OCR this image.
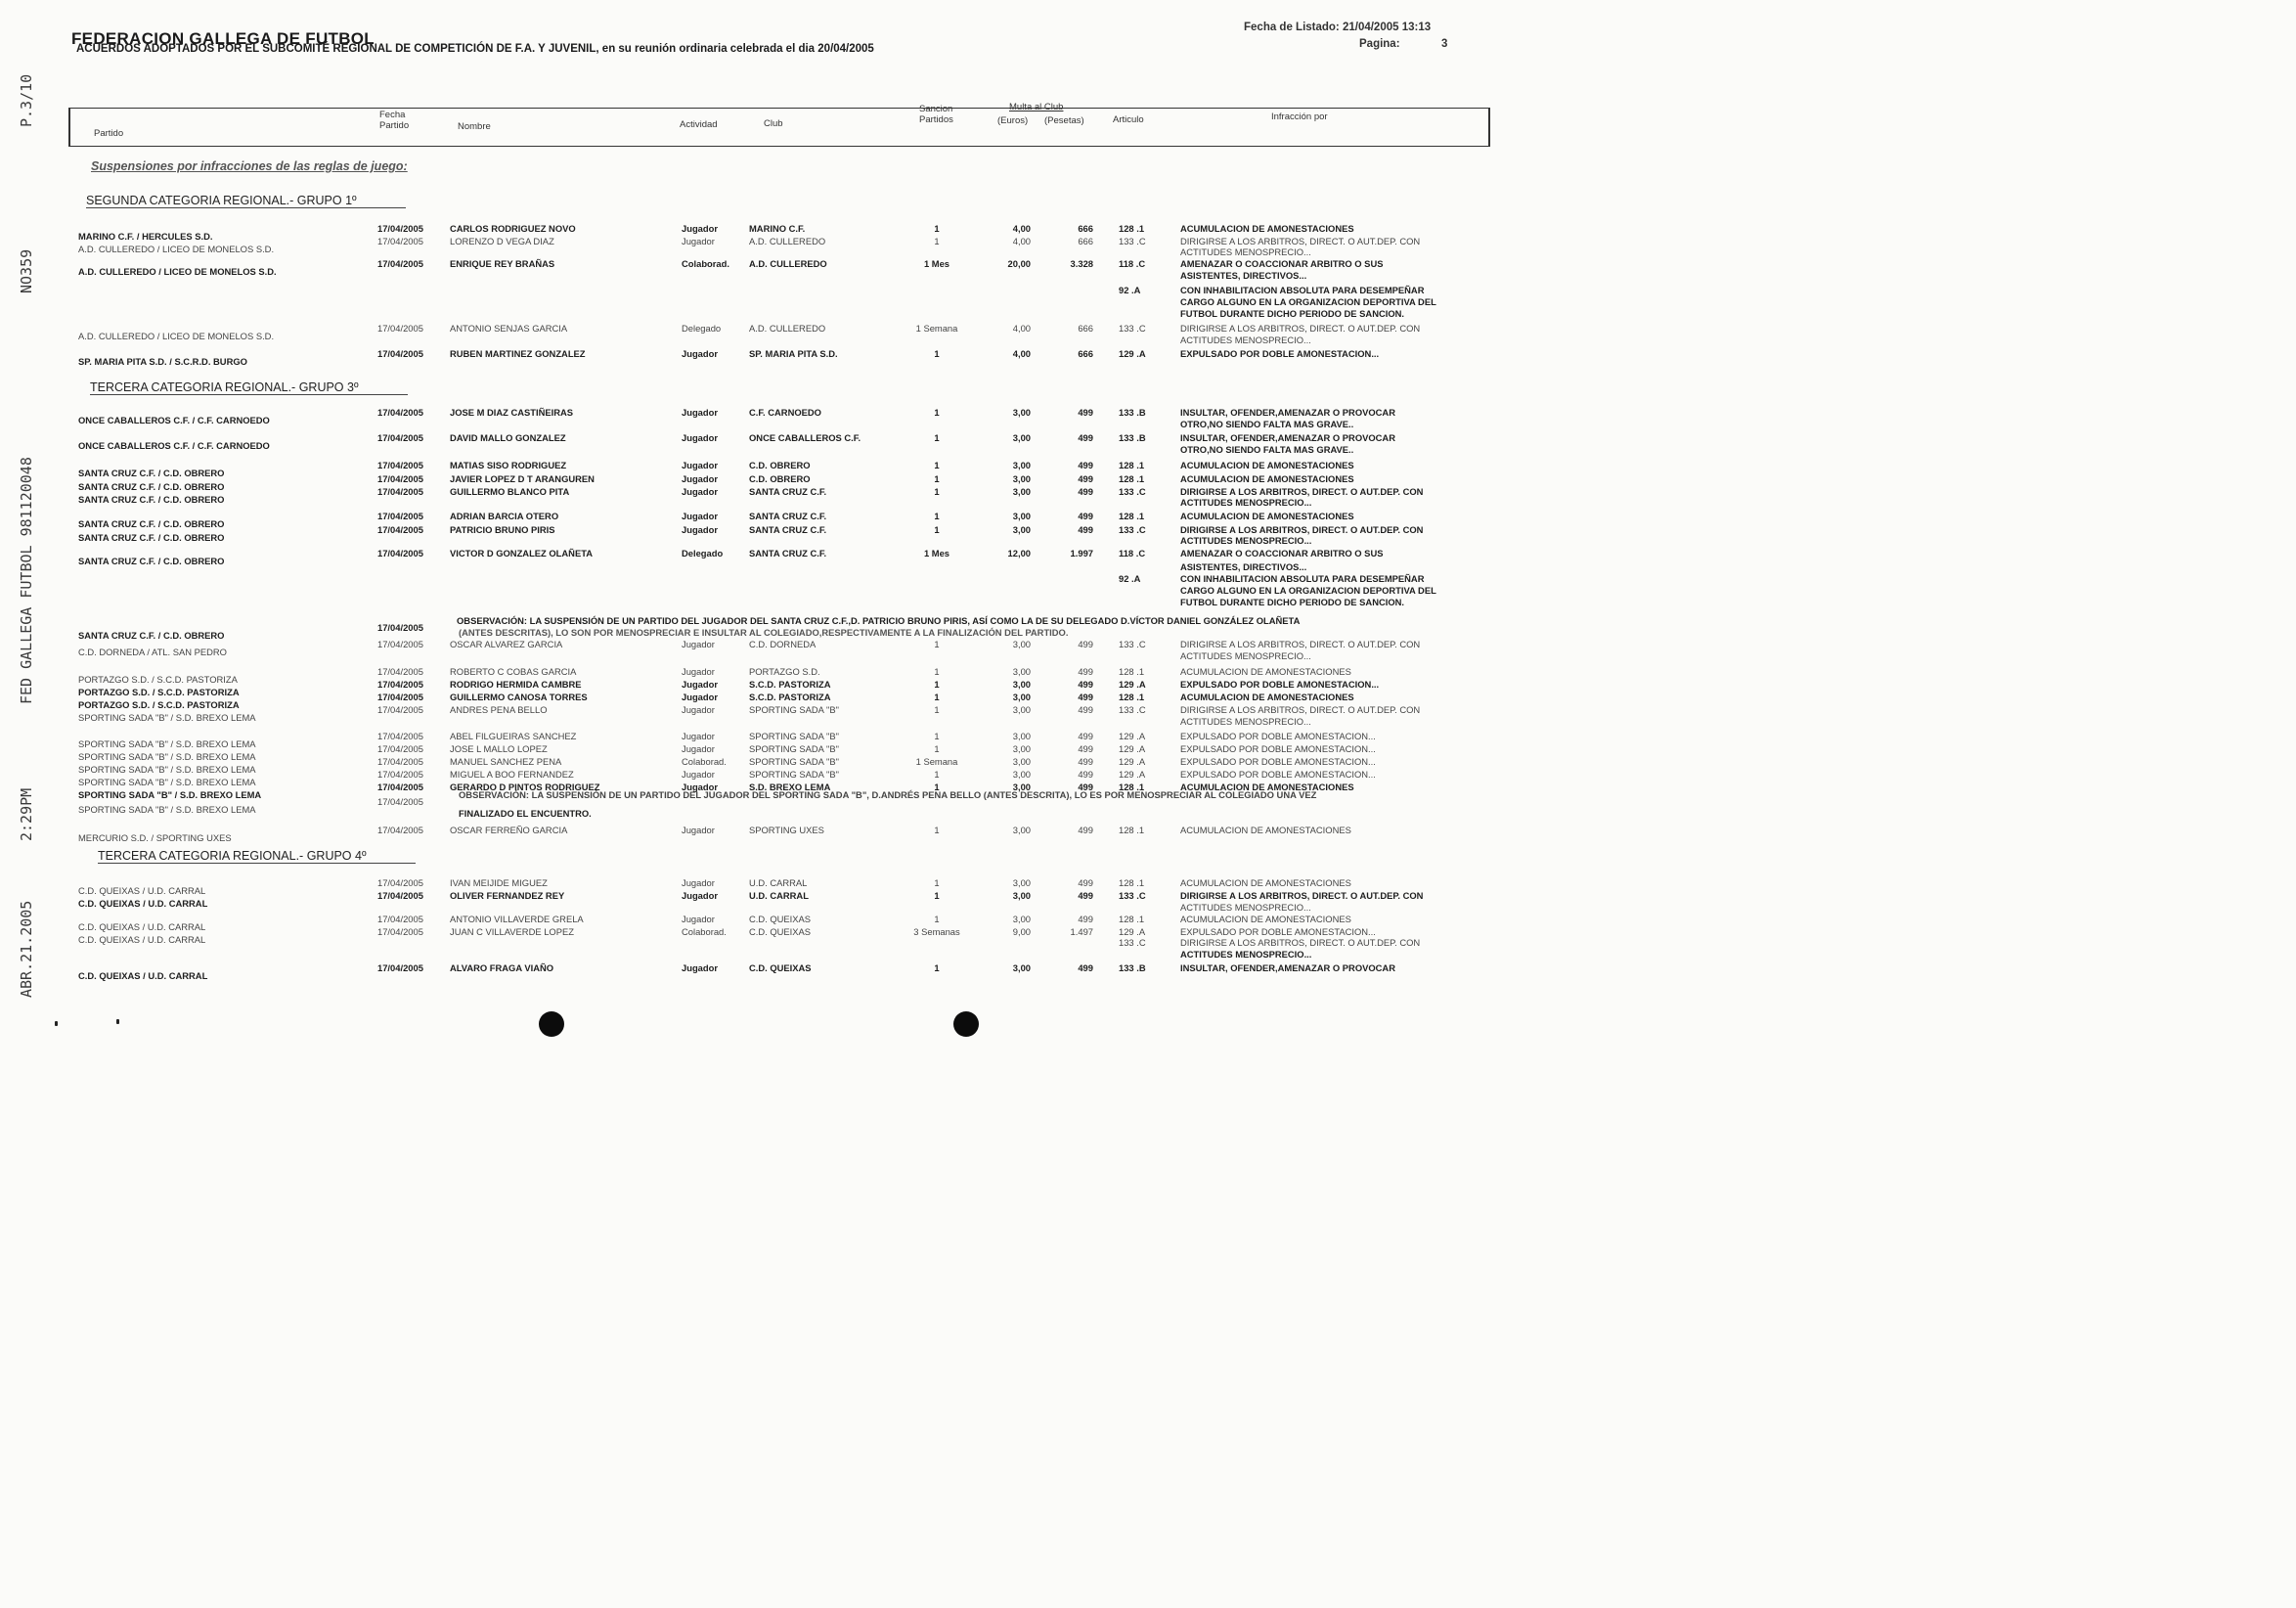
ABR.21.2005
2:29PM
FED GALLEGA FUTBOL 981120048
NO359
P.3/10
FEDERACION GALLEGA DE FUTBOL
ACUERDOS ADOPTADOS POR EL SUBCOMITÉ REGIONAL DE COMPETICIÓN DE F.A. Y JUVENIL, en su reunión ordinaria celebrada el dia 20/04/2005
Fecha de Listado: 21/04/2005 13:13
Pagina:	3
Partido
Fecha Partido	Nombre	Actividad	Club
Sancion Partidos
Multa al Club
(Euros) (Pesetas)	Articulo	Infracción por
Suspensiones por infracciones de las reglas de juego:
SEGUNDA CATEGORIA REGIONAL.- GRUPO 1º
TERCERA CATEGORIA REGIONAL.- GRUPO 3º
TERCERA CATEGORIA REGIONAL.- GRUPO 4º
OBSERVACIÓN: LA SUSPENSIÓN DE UN PARTIDO DEL JUGADOR DEL SANTA CRUZ C.F.,D. PATRICIO BRUNO PIRIS, ASÍ COMO LA DE SU DELEGADO D.VÍCTOR DANIEL GONZÁLEZ OLAÑETA
(ANTES DESCRITAS), LO SON POR MENOSPRECIAR E INSULTAR AL COLEGIADO,RESPECTIVAMENTE A LA FINALIZACIÓN DEL PARTIDO.
OBSERVACIÓN: LA SUSPENSIÓN DE UN PARTIDO DEL JUGADOR DEL SPORTING SADA "B", D.ANDRÉS PENA BELLO (ANTES DESCRITA), LO ES POR MENOSPRECIAR AL COLEGIADO UNA VEZ
FINALIZADO EL ENCUENTRO.
MARINO C.F. / HERCULES S.D.
17/04/2005	CARLOS RODRIGUEZ NOVO	Jugador	MARINO C.F.	1	4,00	666	128 .1	ACUMULACION DE AMONESTACIONES
A.D. CULLEREDO / LICEO DE MONELOS S.D.
17/04/2005	LORENZO D VEGA DIAZ	Jugador	A.D. CULLEREDO	1	4,00	666	133 .C	DIRIGIRSE A LOS ARBITROS, DIRECT. O AUT.DEP. CON
ACTITUDES MENOSPRECIO...
A.D. CULLEREDO / LICEO DE MONELOS S.D.
17/04/2005	ENRIQUE REY BRAÑAS	Colaborad. A.D. CULLEREDO	1 Mes	20,00	3.328	118 .C	AMENAZAR O COACCIONAR ARBITRO O SUS
ASISTENTES, DIRECTIVOS...
92 .A	CON INHABILITACION ABSOLUTA PARA DESEMPEÑAR
CARGO ALGUNO EN LA ORGANIZACION DEPORTIVA DEL
FUTBOL DURANTE DICHO PERIODO DE SANCION.
A.D. CULLEREDO / LICEO DE MONELOS S.D.
17/04/2005	ANTONIO SENJAS GARCIA	Delegado	A.D. CULLEREDO	1 Semana	4,00	666	133 .C	DIRIGIRSE A LOS ARBITROS, DIRECT. O AUT.DEP. CON
ACTITUDES MENOSPRECIO...
SP. MARIA PITA S.D. / S.C.R.D. BURGO
17/04/2005	RUBEN MARTINEZ GONZALEZ	Jugador	SP. MARIA PITA S.D.	1	4,00	666	129 .A	EXPULSADO POR DOBLE AMONESTACION...
ONCE CABALLEROS C.F. / C.F. CARNOEDO
17/04/2005	JOSE M DIAZ CASTIÑEIRAS	Jugador	C.F. CARNOEDO	1	3,00	499	133 .B	INSULTAR, OFENDER,AMENAZAR O PROVOCAR
OTRO,NO SIENDO FALTA MAS GRAVE..
ONCE CABALLEROS C.F. / C.F. CARNOEDO
17/04/2005	DAVID MALLO GONZALEZ	Jugador	ONCE CABALLEROS C.F.	1	3,00	499	133 .B	INSULTAR, OFENDER,AMENAZAR O PROVOCAR
OTRO,NO SIENDO FALTA MAS GRAVE..
SANTA CRUZ C.F. / C.D. OBRERO
17/04/2005	MATIAS SISO RODRIGUEZ	Jugador	C.D. OBRERO	1	3,00	499	128 .1	ACUMULACION DE AMONESTACIONES
SANTA CRUZ C.F. / C.D. OBRERO
17/04/2005	JAVIER LOPEZ D T ARANGUREN	Jugador	C.D. OBRERO	1	3,00	499	128 .1	ACUMULACION DE AMONESTACIONES
SANTA CRUZ C.F. / C.D. OBRERO
17/04/2005	GUILLERMO BLANCO PITA	Jugador	SANTA CRUZ C.F.	1	3,00	499	133 .C	DIRIGIRSE A LOS ARBITROS, DIRECT. O AUT.DEP. CON
ACTITUDES MENOSPRECIO...
SANTA CRUZ C.F. / C.D. OBRERO
17/04/2005	ADRIAN BARCIA OTERO	Jugador	SANTA CRUZ C.F.	1	3,00	499	128 .1	ACUMULACION DE AMONESTACIONES
SANTA CRUZ C.F. / C.D. OBRERO
17/04/2005	PATRICIO BRUNO PIRIS	Jugador	SANTA CRUZ C.F.	1	3,00	499	133 .C	DIRIGIRSE A LOS ARBITROS, DIRECT. O AUT.DEP. CON
ACTITUDES MENOSPRECIO...
SANTA CRUZ C.F. / C.D. OBRERO
17/04/2005	VICTOR D GONZALEZ OLAÑETA	Delegado	SANTA CRUZ C.F.	1 Mes	12,00	1.997	118 .C	AMENAZAR O COACCIONAR ARBITRO O SUS
ASISTENTES, DIRECTIVOS...
92 .A	CON INHABILITACION ABSOLUTA PARA DESEMPEÑAR
CARGO ALGUNO EN LA ORGANIZACION DEPORTIVA DEL
FUTBOL DURANTE DICHO PERIODO DE SANCION.
SANTA CRUZ C.F. / C.D. OBRERO
17/04/2005
C.D. DORNEDA / ATL. SAN PEDRO
17/04/2005	OSCAR ALVAREZ GARCIA	Jugador	C.D. DORNEDA	1	3,00	499	133 .C	DIRIGIRSE A LOS ARBITROS, DIRECT. O AUT.DEP. CON
ACTITUDES MENOSPRECIO...
PORTAZGO S.D. / S.C.D. PASTORIZA
17/04/2005	ROBERTO C COBAS GARCIA	Jugador	PORTAZGO S.D.	1	3,00	499	128 .1	ACUMULACION DE AMONESTACIONES
PORTAZGO S.D. / S.C.D. PASTORIZA
17/04/2005	RODRIGO HERMIDA CAMBRE	Jugador	S.C.D. PASTORIZA	1	3,00	499	129 .A	EXPULSADO POR DOBLE AMONESTACION...
PORTAZGO S.D. / S.C.D. PASTORIZA
17/04/2005	GUILLERMO CANOSA TORRES	Jugador	S.C.D. PASTORIZA	1	3,00	499	128 .1	ACUMULACION DE AMONESTACIONES
SPORTING SADA "B" / S.D. BREXO LEMA
17/04/2005	ANDRES PENA BELLO	Jugador	SPORTING SADA "B"	1	3,00	499	133 .C	DIRIGIRSE A LOS ARBITROS, DIRECT. O AUT.DEP. CON
ACTITUDES MENOSPRECIO...
SPORTING SADA "B" / S.D. BREXO LEMA
17/04/2005	ABEL FILGUEIRAS SANCHEZ	Jugador	SPORTING SADA "B"	1	3,00	499	129 .A	EXPULSADO POR DOBLE AMONESTACION...
SPORTING SADA "B" / S.D. BREXO LEMA
17/04/2005	JOSE L MALLO LOPEZ	Jugador	SPORTING SADA "B"	1	3,00	499	129 .A	EXPULSADO POR DOBLE AMONESTACION...
SPORTING SADA "B" / S.D. BREXO LEMA
17/04/2005	MANUEL SANCHEZ PENA	Colaborad. SPORTING SADA "B"	1 Semana	3,00	499	129 .A	EXPULSADO POR DOBLE AMONESTACION...
SPORTING SADA "B" / S.D. BREXO LEMA
17/04/2005	MIGUEL A BOO FERNANDEZ	Jugador	SPORTING SADA "B"	1	3,00	499	129 .A	EXPULSADO POR DOBLE AMONESTACION...
SPORTING SADA "B" / S.D. BREXO LEMA
17/04/2005	GERARDO D PINTOS RODRIGUEZ	Jugador	S.D. BREXO LEMA	1	3,00	499	128 .1	ACUMULACION DE AMONESTACIONES
SPORTING SADA "B" / S.D. BREXO LEMA
17/04/2005
MERCURIO S.D. / SPORTING UXES
17/04/2005	OSCAR FERREÑO GARCIA	Jugador	SPORTING UXES	1	3,00	499	128 .1	ACUMULACION DE AMONESTACIONES
C.D. QUEIXAS / U.D. CARRAL
17/04/2005	IVAN MEIJIDE MIGUEZ	Jugador	U.D. CARRAL	1	3,00	499	128 .1	ACUMULACION DE AMONESTACIONES
C.D. QUEIXAS / U.D. CARRAL
17/04/2005	OLIVER FERNANDEZ REY	Jugador	U.D. CARRAL	1	3,00	499	133 .C	DIRIGIRSE A LOS ARBITROS, DIRECT. O AUT.DEP. CON
ACTITUDES MENOSPRECIO...
C.D. QUEIXAS / U.D. CARRAL
17/04/2005	ANTONIO VILLAVERDE GRELA	Jugador	C.D. QUEIXAS	1	3,00	499	128 .1	ACUMULACION DE AMONESTACIONES
C.D. QUEIXAS / U.D. CARRAL
17/04/2005	JUAN C VILLAVERDE LOPEZ	Colaborad. C.D. QUEIXAS	3 Semanas	9,00	1.497	129 .A	EXPULSADO POR DOBLE AMONESTACION...
133 .C	DIRIGIRSE A LOS ARBITROS, DIRECT. O AUT.DEP. CON
ACTITUDES MENOSPRECIO...
C.D. QUEIXAS / U.D. CARRAL
17/04/2005	ALVARO FRAGA VIAÑO	Jugador	C.D. QUEIXAS	1	3,00	499	133 .B	INSULTAR, OFENDER,AMENAZAR O PROVOCAR
